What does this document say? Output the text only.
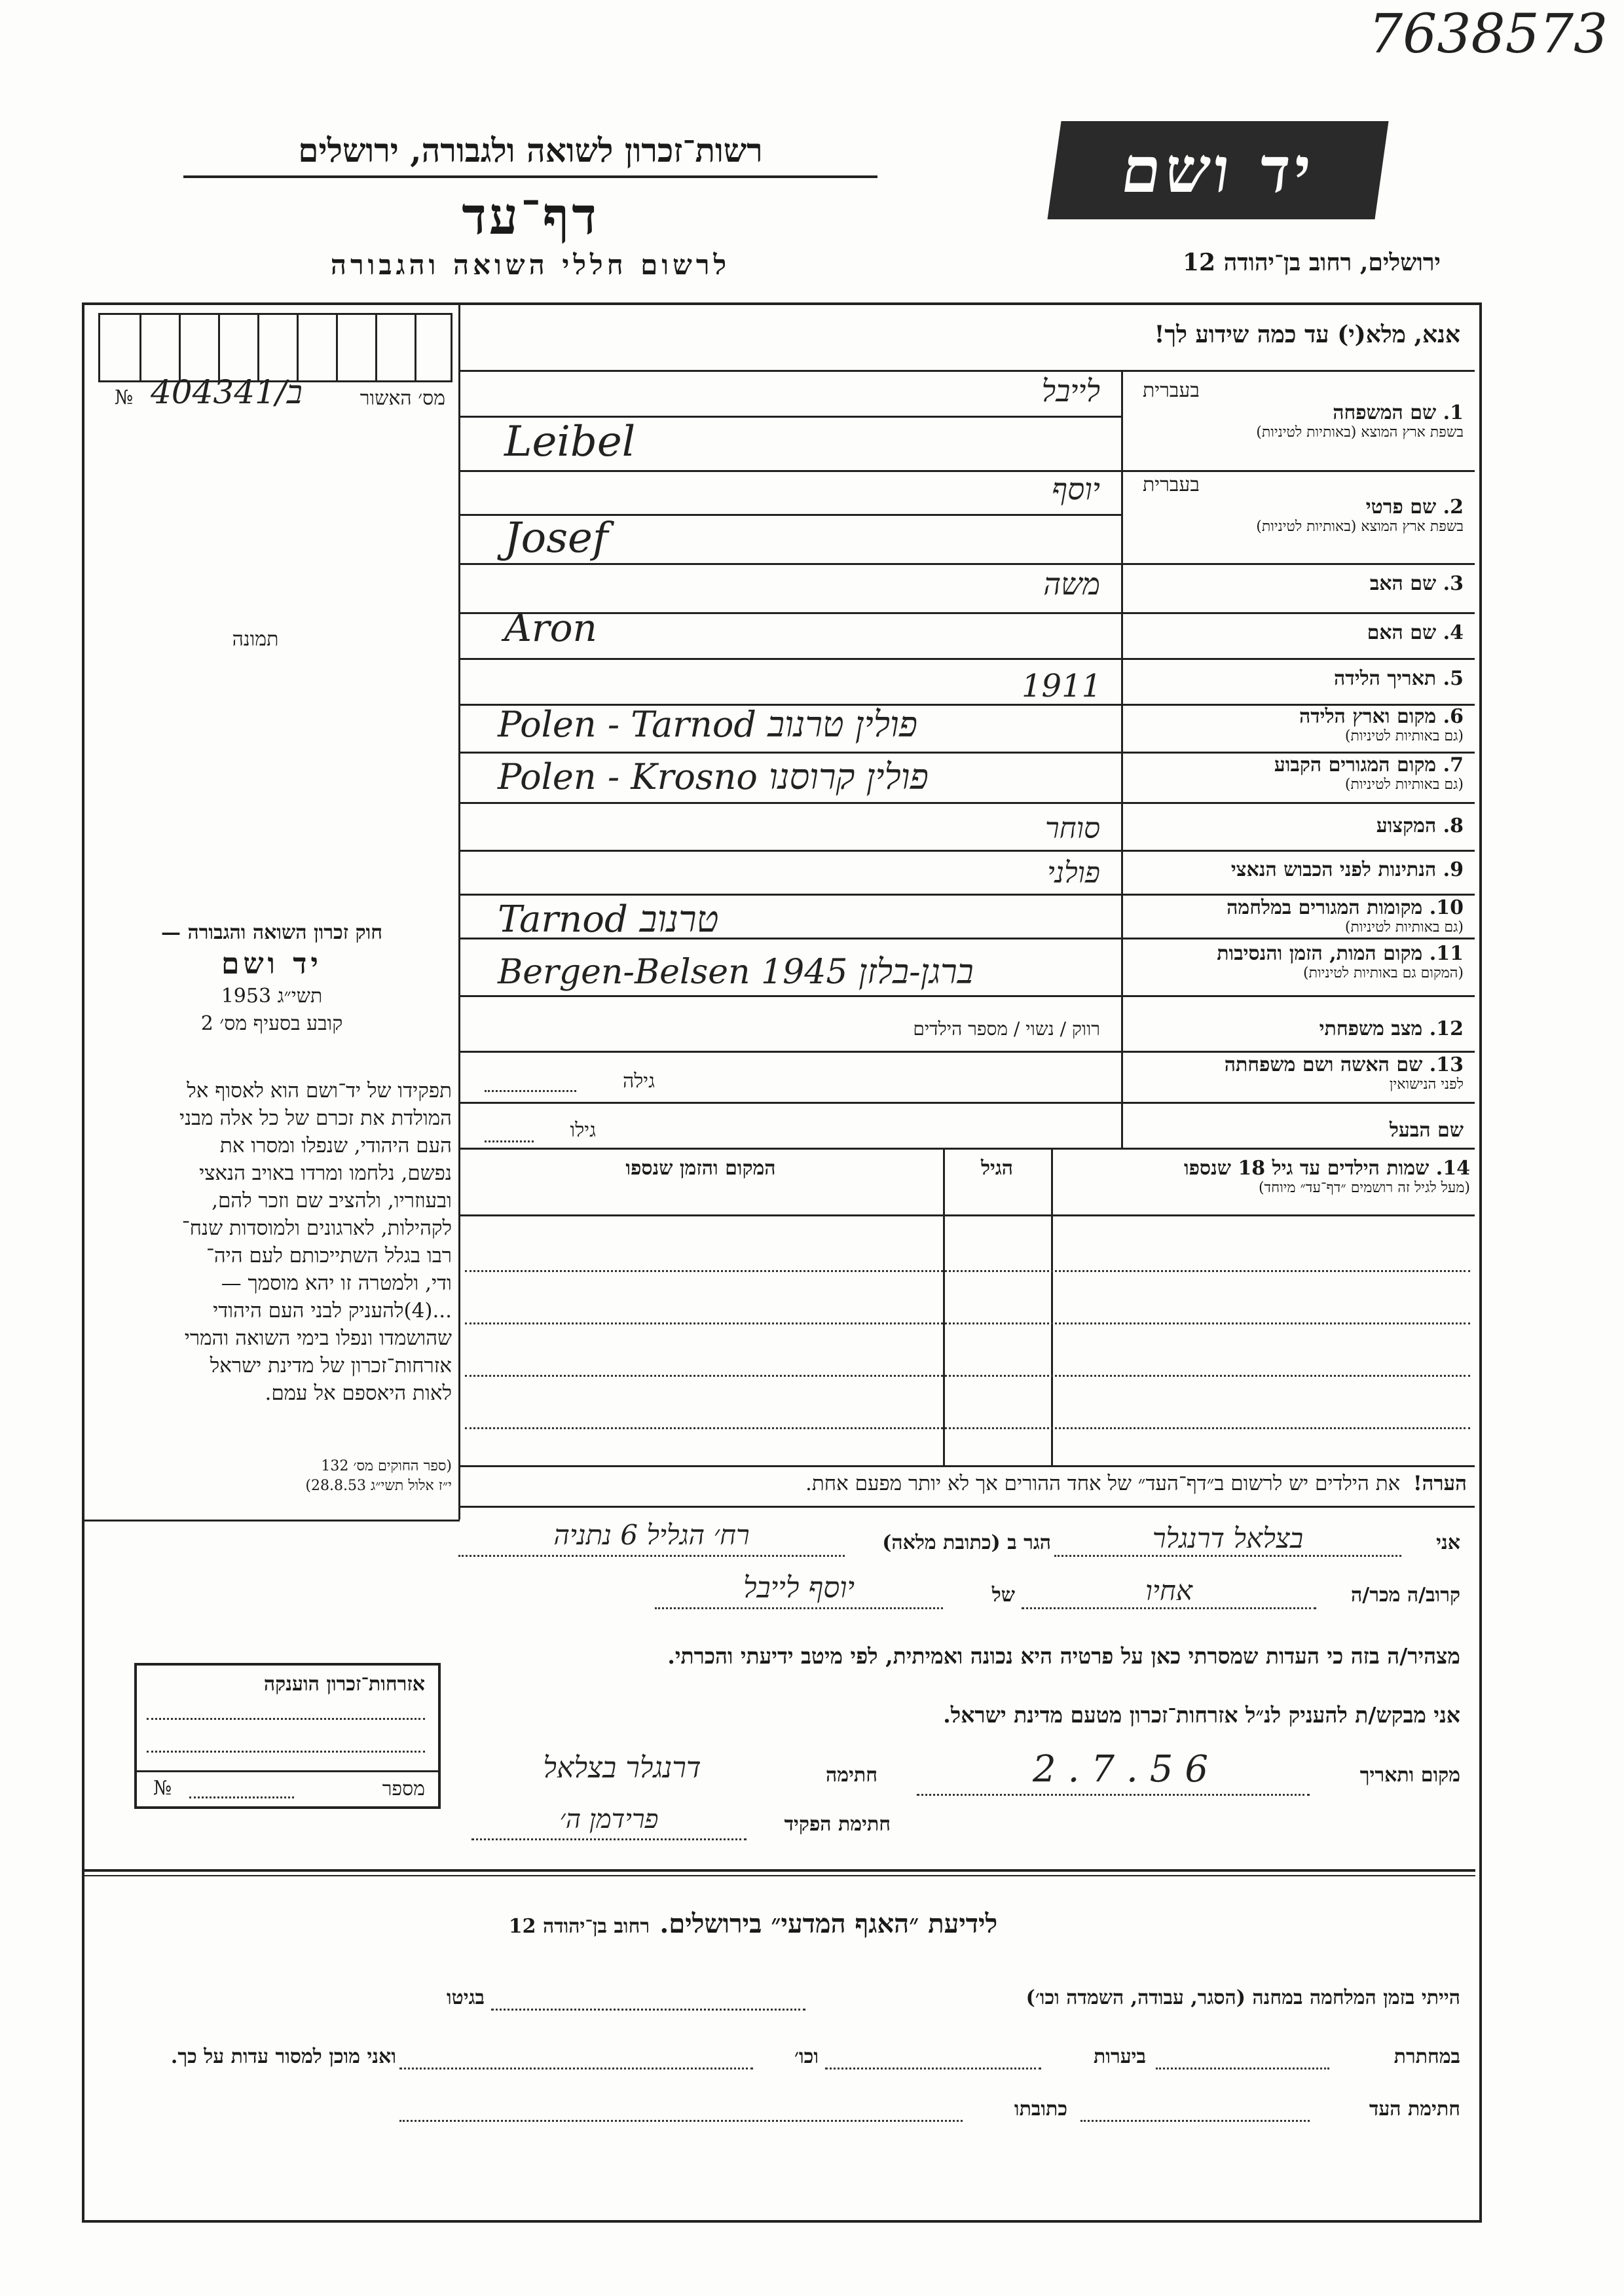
7638573
רשות־זכרון לשואה ולגבורה, ירושלים
דף־עד
לרשום חללי השואה והגבורה
יד ושם
ירושלים, רחוב בן־יהודה 12
№ 404341/ב	מס׳ האשור
תמונה
אנא, מלא(י) עד כמה שידוע לך!
בעברית
1. שם המשפחה
בשפת ארץ המוצא (באותיות לטיניות)
לייבל
Leibel
בעברית
2. שם פרטי
בשפת ארץ המוצא (באותיות לטיניות)
יוסף
Josef
3. שם האב
משה
4. שם האם
Aron
5. תאריך הלידה
1911
6. מקום וארץ הלידה
(גם באותיות לטיניות)
Polen - Tarnod פולין טרנוב
7. מקום המגורים הקבוע
(גם באותיות לטיניות)
Polen - Krosno פולין קרוסנו
8. המקצוע
סוחר
9. הנתינות לפני הכבוש הנאצי
פולני
10. מקומות המגורים במלחמה
(גם באותיות לטיניות)
Tarnod טרנוב
11. מקום המות, הזמן והנסיבות
(המקום גם באותיות לטיניות)
Bergen-Belsen 1945 ברגן-בלזן
12. מצב משפחתי
רווק / נשוי / מספר הילדים
13. שם האשה ושם משפחתה
לפני הנישואין
גילה
שם הבעל
גילו
14. שמות הילדים עד גיל 18 שנספו
(מעל לגיל זה רושמים ״דף־עד״ מיוחד)
הגיל
המקום והזמן שנספו
חוק זכרון השואה והגבורה —
יד ושם
תשי״ג 1953
קובע בסעיף מס׳ 2
תפקידו של יד־ושם הוא לאסוף אל
המולדת את זכרם של כל אלה מבני
העם היהודי, שנפלו ומסרו את
נפשם, נלחמו ומרדו באויב הנאצי
ובעוזריו, ולהציב שם וזכר להם,
לקהילות, לארגונים ולמוסדות שנח־
רבו בגלל השתייכותם לעם היה־
ודי, ולמטרה זו יהא מוסמך —
...(4)להעניק לבני העם היהודי
שהושמדו ונפלו בימי השואה והמרי
אזרחות־זכרון של מדינת ישראל
לאות היאספם אל עמם.
(ספר החוקים מס׳ 132
י״ז אלול תשי״ג 28.8.53)	הערה!  את הילדים יש לרשום ב״דף־העד״ של אחד ההורים אך לא יותר מפעם אחת.
אני
בצלאל דרנגלר
הגר ב (כתובת מלאה)
רח׳ הגליל 6 נתניה
קרוב/ה מכר/ה
אחיו
של
יוסף לייבל
מצהיר/ה בזה כי העדות שמסרתי כאן על פרטיה היא נכונה ואמיתית, לפי מיטב ידיעתי והכרתי.
אני מבקש/ת להעניק לנ״ל אזרחות־זכרון מטעם מדינת ישראל.
מקום ותאריך
2.7.56
חתימה
דרנגלר בצלאל
חתימת הפקיד
פרידמן ה׳
אזרחות־זכרון הוענקה
№	מספר
לידיעת ״האגף המדעי״ בירושלים.   רחוב בן־יהודה 12
הייתי בזמן המלחמה במחנה (הסגר, עבודה, השמדה וכו׳)
בגיטו
במחתרת
ביערות
וכו׳
ואני מוכן למסור עדות על כך.
חתימת העד
כתובתו
